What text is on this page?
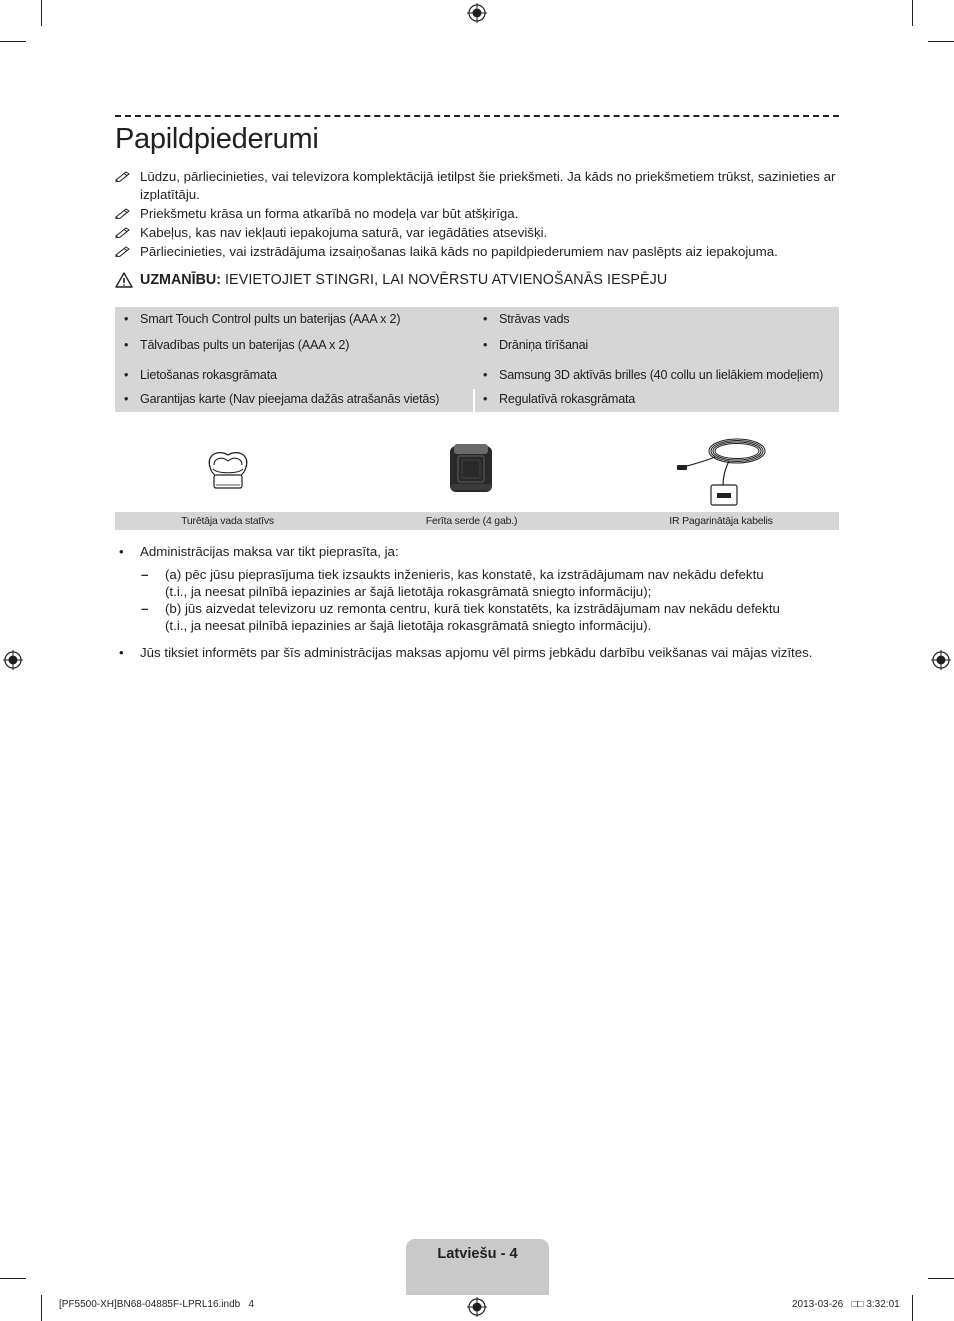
Papildpiederumi
Lūdzu, pārliecinieties, vai televizora komplektācijā ietilpst šie priekšmeti. Ja kāds no priekšmetiem trūkst, sazinieties ar izplatītāju.
Priekšmetu krāsa un forma atkarībā no modeļa var būt atšķirīga.
Kabeļus, kas nav iekļauti iepakojuma saturā, var iegādāties atsevišķi.
Pārliecinieties, vai izstrādājuma izsaiņošanas laikā kāds no papildpiederumiem nav paslēpts aiz iepakojuma.
UZMANĪBU:
IEVIETOJIET STINGRI, LAI NOVĒRSTU ATVIENOŠANĀS IESPĒJU
• Smart Touch Control pults un baterijas (AAA x 2)
• Tālvadības pults un baterijas (AAA x 2)
• Lietošanas rokasgrāmata
• Garantijas karte (Nav pieejama dažās atrašanās vietās)
• Strāvas vads
• Drāniņa tīrīšanai
• Samsung 3D aktīvās brilles (40 collu un lielākiem modeļiem)
• Regulatīvā rokasgrāmata
Turētāja vada statīvs	Ferīta serde (4 gab.)	IR Pagarinātāja kabelis
• Administrācijas maksa var tikt pieprasīta, ja:
– (a) pēc jūsu pieprasījuma tiek izsaukts inženieris, kas konstatē, ka izstrādājumam nav nekādu defektu
(t.i., ja neesat pilnībā iepazinies ar šajā lietotāja rokasgrāmatā sniegto informāciju);
– (b) jūs aizvedat televizoru uz remonta centru, kurā tiek konstatēts, ka izstrādājumam nav nekādu defektu
(t.i., ja neesat pilnībā iepazinies ar šajā lietotāja rokasgrāmatā sniegto informāciju).
• Jūs tiksiet informēts par šīs administrācijas maksas apjomu vēl pirms jebkādu darbību veikšanas vai mājas vizītes.
Latviešu - 4
[PF5500-XH]BN68-04885F-LPRL16.indb   4	2013-03-26   □□ 3:32:01
